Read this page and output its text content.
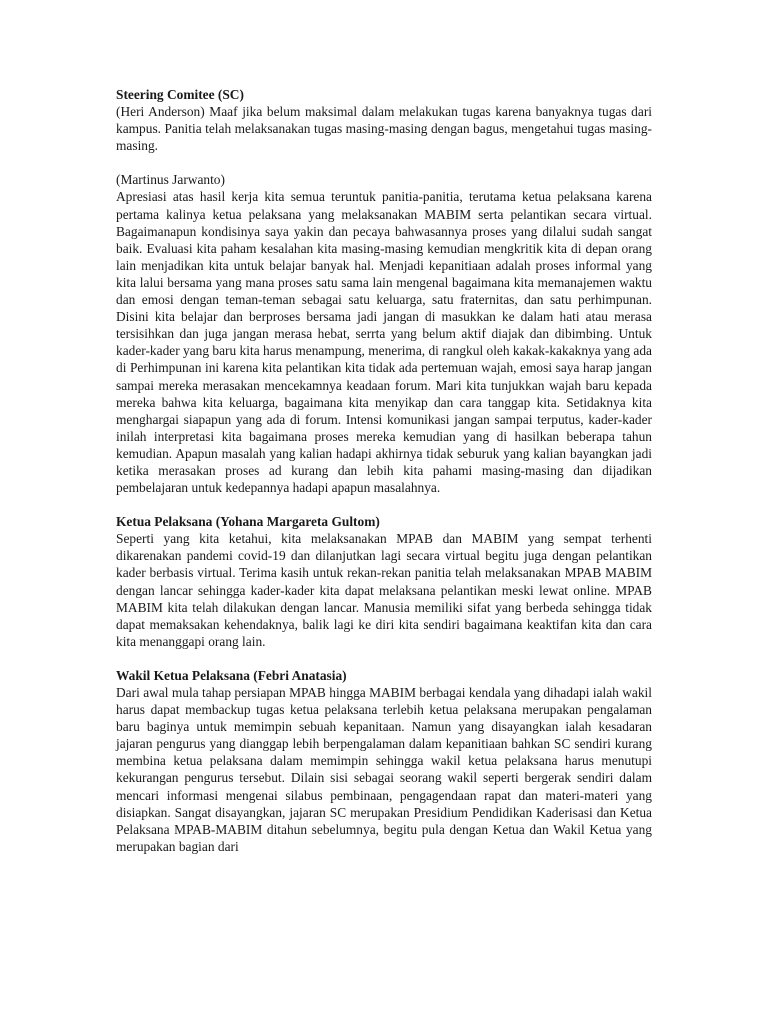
Steering Comitee (SC)

(Heri Anderson) Maaf jika belum maksimal dalam melakukan tugas karena banyaknya tugas dari kampus. Panitia telah melaksanakan tugas masing-masing dengan bagus, mengetahui tugas masing-masing.

(Martinus Jarwanto)

Apresiasi atas hasil kerja kita semua teruntuk panitia-panitia, terutama ketua pelaksana karena pertama kalinya ketua pelaksana yang melaksanakan MABIM serta pelantikan secara virtual. Bagaimanapun kondisinya saya yakin dan pecaya bahwasannya proses yang dilalui sudah sangat baik. Evaluasi kita paham kesalahan kita masing-masing kemudian mengkritik kita di depan orang lain menjadikan kita untuk belajar banyak hal. Menjadi kepanitiaan adalah proses informal yang kita lalui bersama yang mana proses satu sama lain mengenal bagaimana kita memanajemen waktu dan emosi dengan teman-teman sebagai satu keluarga, satu fraternitas, dan satu perhimpunan. Disini kita belajar dan berproses bersama jadi jangan di masukkan ke dalam hati atau merasa tersisihkan dan juga jangan merasa hebat, serrta yang belum aktif diajak dan dibimbing. Untuk kader-kader yang baru kita harus menampung, menerima, di rangkul oleh kakak-kakaknya yang ada di Perhimpunan ini karena kita pelantikan kita tidak ada pertemuan wajah, emosi saya harap jangan sampai mereka merasakan mencekamnya keadaan forum. Mari kita tunjukkan wajah baru kepada mereka bahwa kita keluarga, bagaimana kita menyikap dan cara tanggap kita. Setidaknya kita menghargai siapapun yang ada di forum. Intensi komunikasi jangan sampai terputus, kader-kader inilah interpretasi kita bagaimana proses mereka kemudian yang di hasilkan beberapa tahun kemudian. Apapun masalah yang kalian hadapi akhirnya tidak seburuk yang kalian bayangkan jadi ketika merasakan proses ad kurang dan lebih kita pahami masing-masing dan dijadikan pembelajaran untuk kedepannya hadapi apapun masalahnya.

Ketua Pelaksana (Yohana Margareta Gultom)

Seperti yang kita ketahui, kita melaksanakan MPAB dan MABIM yang sempat terhenti dikarenakan pandemi covid-19 dan dilanjutkan lagi secara virtual begitu juga dengan pelantikan kader berbasis virtual. Terima kasih untuk rekan-rekan panitia telah melaksanakan MPAB MABIM dengan lancar sehingga kader-kader kita dapat melaksana pelantikan meski lewat online. MPAB MABIM kita telah dilakukan dengan lancar. Manusia memiliki sifat yang berbeda sehingga tidak dapat memaksakan kehendaknya, balik lagi ke diri kita sendiri bagaimana keaktifan kita dan cara kita menanggapi orang lain.

Wakil Ketua Pelaksana (Febri Anatasia)

Dari awal mula tahap persiapan MPAB hingga MABIM berbagai kendala yang dihadapi ialah wakil harus dapat membackup tugas ketua pelaksana terlebih ketua pelaksana merupakan pengalaman baru baginya untuk memimpin sebuah kepanitaan. Namun yang disayangkan ialah kesadaran jajaran pengurus yang dianggap lebih berpengalaman dalam kepanitiaan bahkan SC sendiri kurang membina ketua pelaksana dalam memimpin sehingga wakil ketua pelaksana harus menutupi kekurangan pengurus tersebut. Dilain sisi sebagai seorang wakil seperti bergerak sendiri dalam mencari informasi mengenai silabus pembinaan, pengagendaan rapat dan materi-materi yang disiapkan. Sangat disayangkan, jajaran SC merupakan Presidium Pendidikan Kaderisasi dan Ketua Pelaksana MPAB-MABIM ditahun sebelumnya, begitu pula dengan Ketua dan Wakil Ketua yang merupakan bagian dari
